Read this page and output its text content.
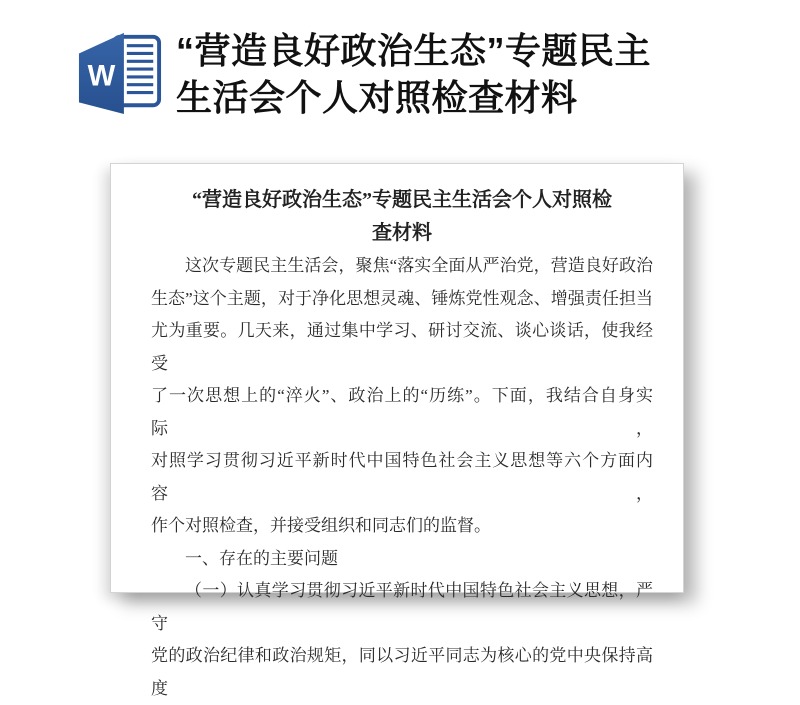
W
“营造良好政治生态”专题民主
生活会个人对照检查材料
“营造良好政治生态”专题民主生活会个人对照检
查材料
这次专题民主生活会，聚焦“落实全面从严治党，营造良好政治
生态”这个主题，对于净化思想灵魂、锤炼党性观念、增强责任担当
尤为重要。几天来，通过集中学习、研讨交流、谈心谈话，使我经受
了一次思想上的“淬火”、政治上的“历练”。下面，我结合自身实际，
对照学习贯彻习近平新时代中国特色社会主义思想等六个方面内容，
作个对照检查，并接受组织和同志们的监督。
一、存在的主要问题
（一）认真学习贯彻习近平新时代中国特色社会主义思想，严守
党的政治纪律和政治规矩，同以习近平同志为核心的党中央保持高度
